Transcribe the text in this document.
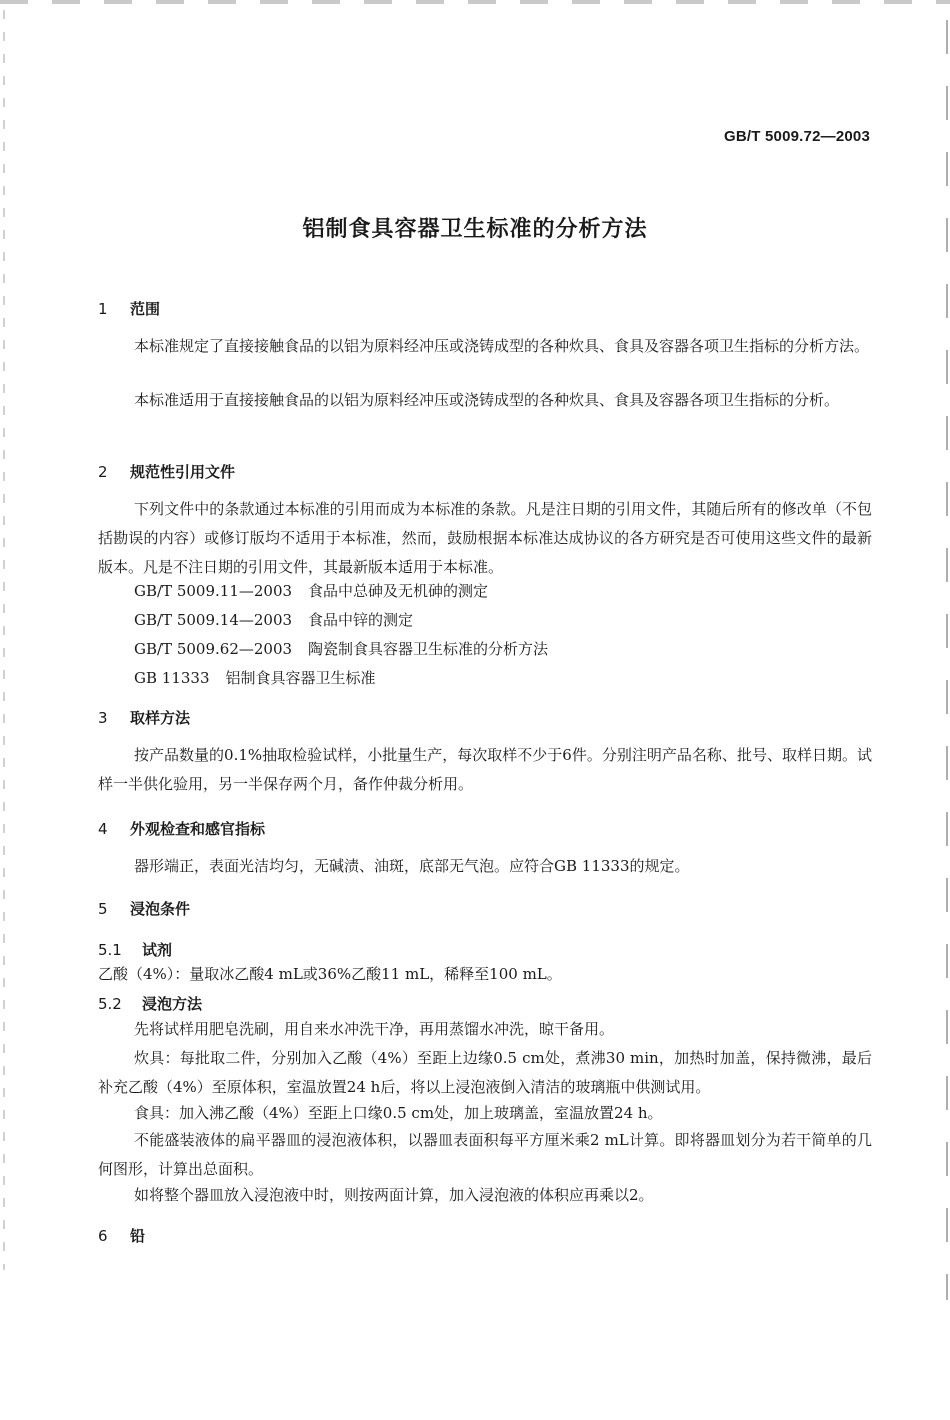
GB/T 5009.72—2003
铝制食具容器卫生标准的分析方法
1 范围

本标准规定了直接接触食品的以铝为原料经冲压或浇铸成型的各种炊具、食具及容器各项卫生指标的分析方法。

本标准适用于直接接触食品的以铝为原料经冲压或浇铸成型的各种炊具、食具及容器各项卫生指标的分析。

2 规范性引用文件

下列文件中的条款通过本标准的引用而成为本标准的条款。凡是注日期的引用文件，其随后所有的修改单（不包括勘误的内容）或修订版均不适用于本标准，然而，鼓励根据本标准达成协议的各方研究是否可使用这些文件的最新版本。凡是不注日期的引用文件，其最新版本适用于本标准。

GB/T 5009.11—2003 食品中总砷及无机砷的测定

GB/T 5009.14—2003 食品中锌的测定

GB/T 5009.62—2003 陶瓷制食具容器卫生标准的分析方法

GB 11333 铝制食具容器卫生标准

3 取样方法

按产品数量的0.1%抽取检验试样，小批量生产，每次取样不少于6件。分别注明产品名称、批号、取样日期。试样一半供化验用，另一半保存两个月，备作仲裁分析用。

4 外观检查和感官指标

器形端正，表面光洁均匀，无碱渍、油斑，底部无气泡。应符合GB 11333的规定。

5 浸泡条件
5.1 试剂

乙酸（4%）：量取冰乙酸4 mL或36%乙酸11 mL，稀释至100 mL。

5.2 浸泡方法

先将试样用肥皂洗刷，用自来水冲洗干净，再用蒸馏水冲洗，晾干备用。

炊具：每批取二件，分别加入乙酸（4%）至距上边缘0.5 cm处，煮沸30 min，加热时加盖，保持微沸，最后补充乙酸（4%）至原体积，室温放置24 h后，将以上浸泡液倒入清洁的玻璃瓶中供测试用。

食具：加入沸乙酸（4%）至距上口缘0.5 cm处，加上玻璃盖，室温放置24 h。

不能盛装液体的扁平器皿的浸泡液体积，以器皿表面积每平方厘米乘2 mL计算。即将器皿划分为若干简单的几何图形，计算出总面积。

如将整个器皿放入浸泡液中时，则按两面计算，加入浸泡液的体积应再乘以2。

6 铅
